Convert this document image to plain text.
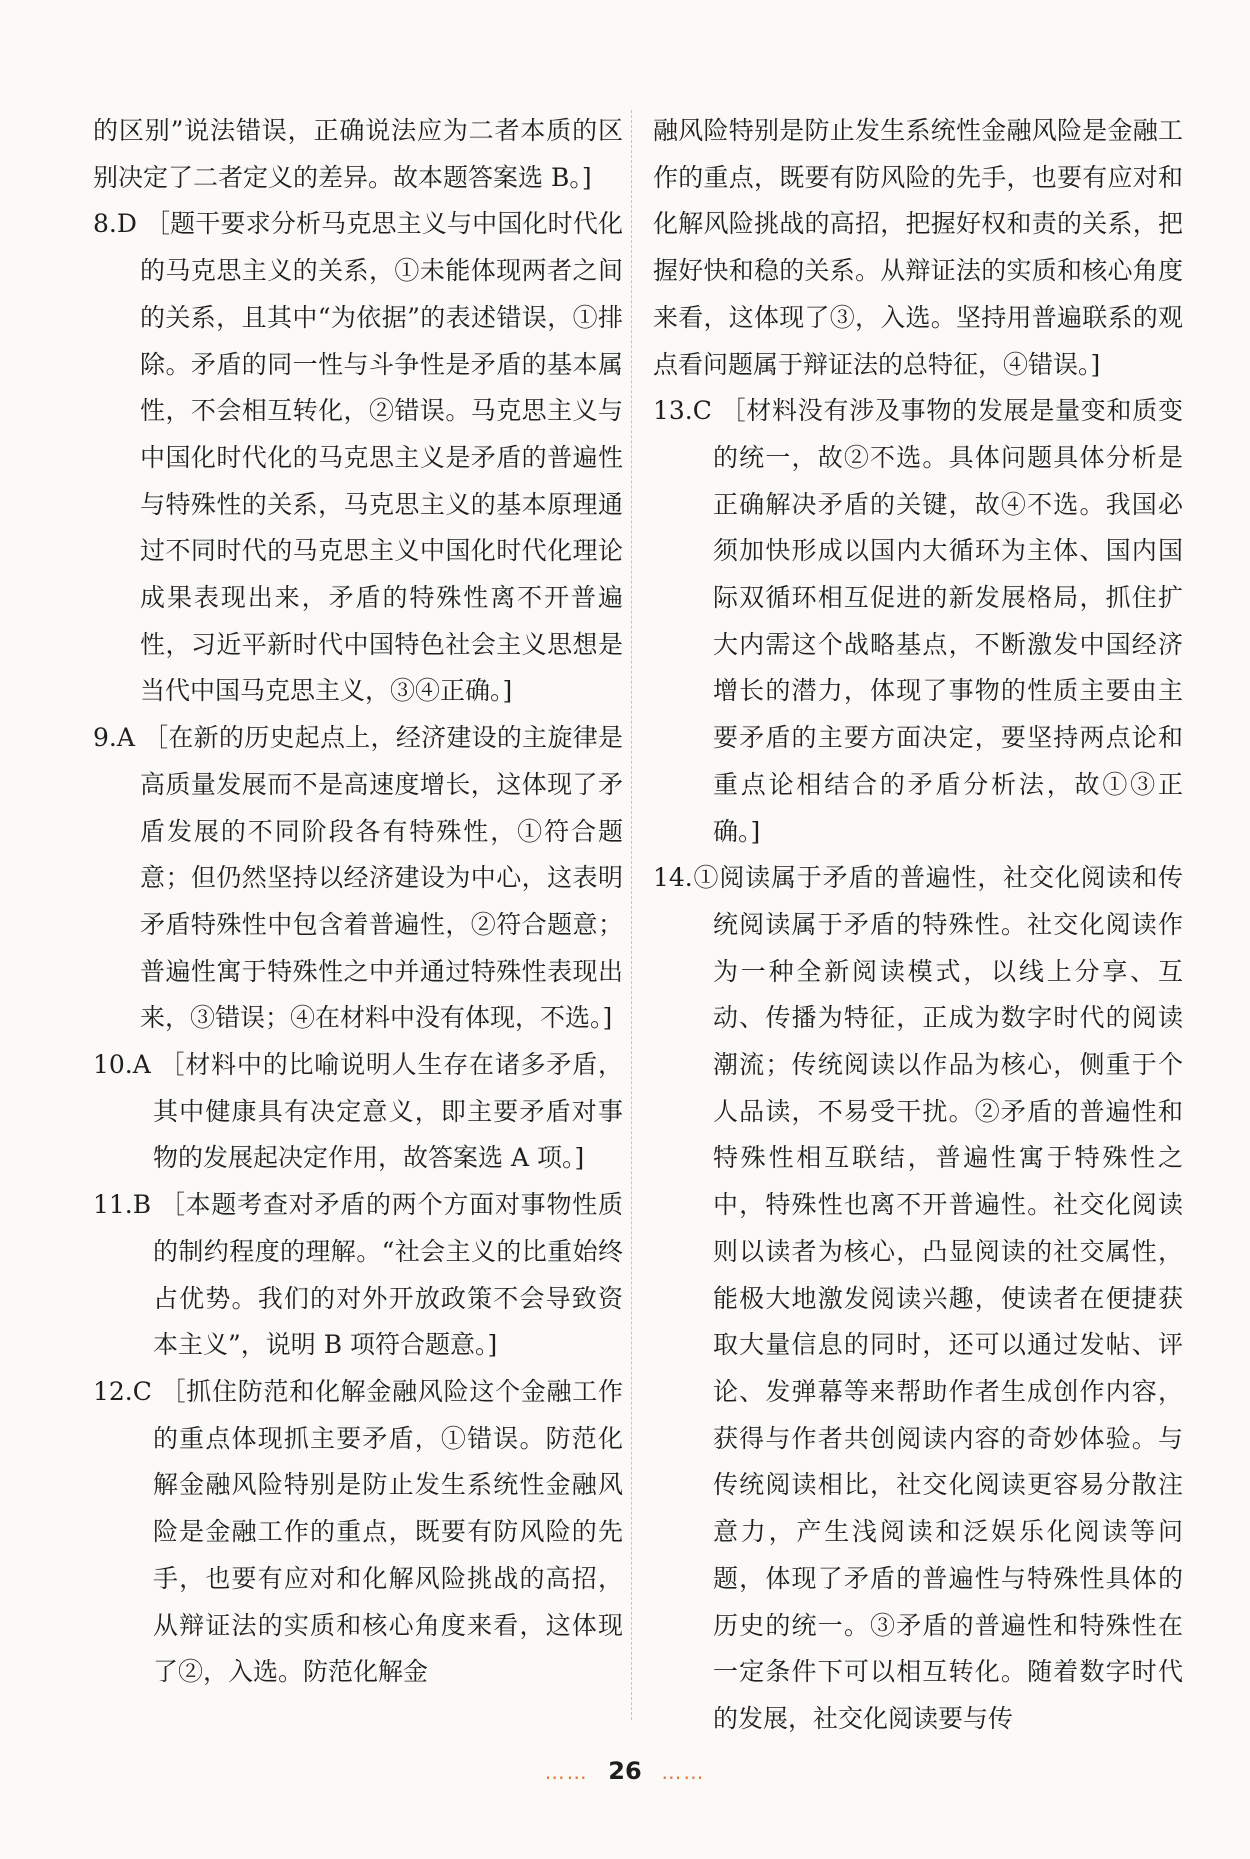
的区别”说法错误，正确说法应为二者本质的区别决定了二者定义的差异。故本题答案选 B。]

8.D ［题干要求分析马克思主义与中国化时代化的马克思主义的关系，①未能体现两者之间的关系，且其中“为依据”的表述错误，①排除。矛盾的同一性与斗争性是矛盾的基本属性，不会相互转化，②错误。马克思主义与中国化时代化的马克思主义是矛盾的普遍性与特殊性的关系，马克思主义的基本原理通过不同时代的马克思主义中国化时代化理论成果表现出来，矛盾的特殊性离不开普遍性，习近平新时代中国特色社会主义思想是当代中国马克思主义，③④正确。]

9.A ［在新的历史起点上，经济建设的主旋律是高质量发展而不是高速度增长，这体现了矛盾发展的不同阶段各有特殊性，①符合题意；但仍然坚持以经济建设为中心，这表明矛盾特殊性中包含着普遍性，②符合题意；普遍性寓于特殊性之中并通过特殊性表现出来，③错误；④在材料中没有体现，不选。]

10.A ［材料中的比喻说明人生存在诸多矛盾，其中健康具有决定意义，即主要矛盾对事物的发展起决定作用，故答案选 A 项。]

11.B ［本题考查对矛盾的两个方面对事物性质的制约程度的理解。“社会主义的比重始终占优势。我们的对外开放政策不会导致资本主义”，说明 B 项符合题意。]

12.C ［抓住防范和化解金融风险这个金融工作的重点体现抓主要矛盾，①错误。防范化解金融风险特别是防止发生系统性金融风险是金融工作的重点，既要有防风险的先手，也要有应对和化解风险挑战的高招，从辩证法的实质和核心角度来看，这体现了②，入选。防范化解金

融风险特别是防止发生系统性金融风险是金融工作的重点，既要有防风险的先手，也要有应对和化解风险挑战的高招，把握好权和责的关系，把握好快和稳的关系。从辩证法的实质和核心角度来看，这体现了③，入选。坚持用普遍联系的观点看问题属于辩证法的总特征，④错误。]

13.C ［材料没有涉及事物的发展是量变和质变的统一，故②不选。具体问题具体分析是正确解决矛盾的关键，故④不选。我国必须加快形成以国内大循环为主体、国内国际双循环相互促进的新发展格局，抓住扩大内需这个战略基点，不断激发中国经济增长的潜力，体现了事物的性质主要由主要矛盾的主要方面决定，要坚持两点论和重点论相结合的矛盾分析法，故①③正确。]

14.①阅读属于矛盾的普遍性，社交化阅读和传统阅读属于矛盾的特殊性。社交化阅读作为一种全新阅读模式，以线上分享、互动、传播为特征，正成为数字时代的阅读潮流；传统阅读以作品为核心，侧重于个人品读，不易受干扰。②矛盾的普遍性和特殊性相互联结，普遍性寓于特殊性之中，特殊性也离不开普遍性。社交化阅读则以读者为核心，凸显阅读的社交属性，能极大地激发阅读兴趣，使读者在便捷获取大量信息的同时，还可以通过发帖、评论、发弹幕等来帮助作者生成创作内容，获得与作者共创阅读内容的奇妙体验。与传统阅读相比，社交化阅读更容易分散注意力，产生浅阅读和泛娱乐化阅读等问题，体现了矛盾的普遍性与特殊性具体的历史的统一。③矛盾的普遍性和特殊性在一定条件下可以相互转化。随着数字时代的发展，社交化阅读要与传

…… 26 ……
